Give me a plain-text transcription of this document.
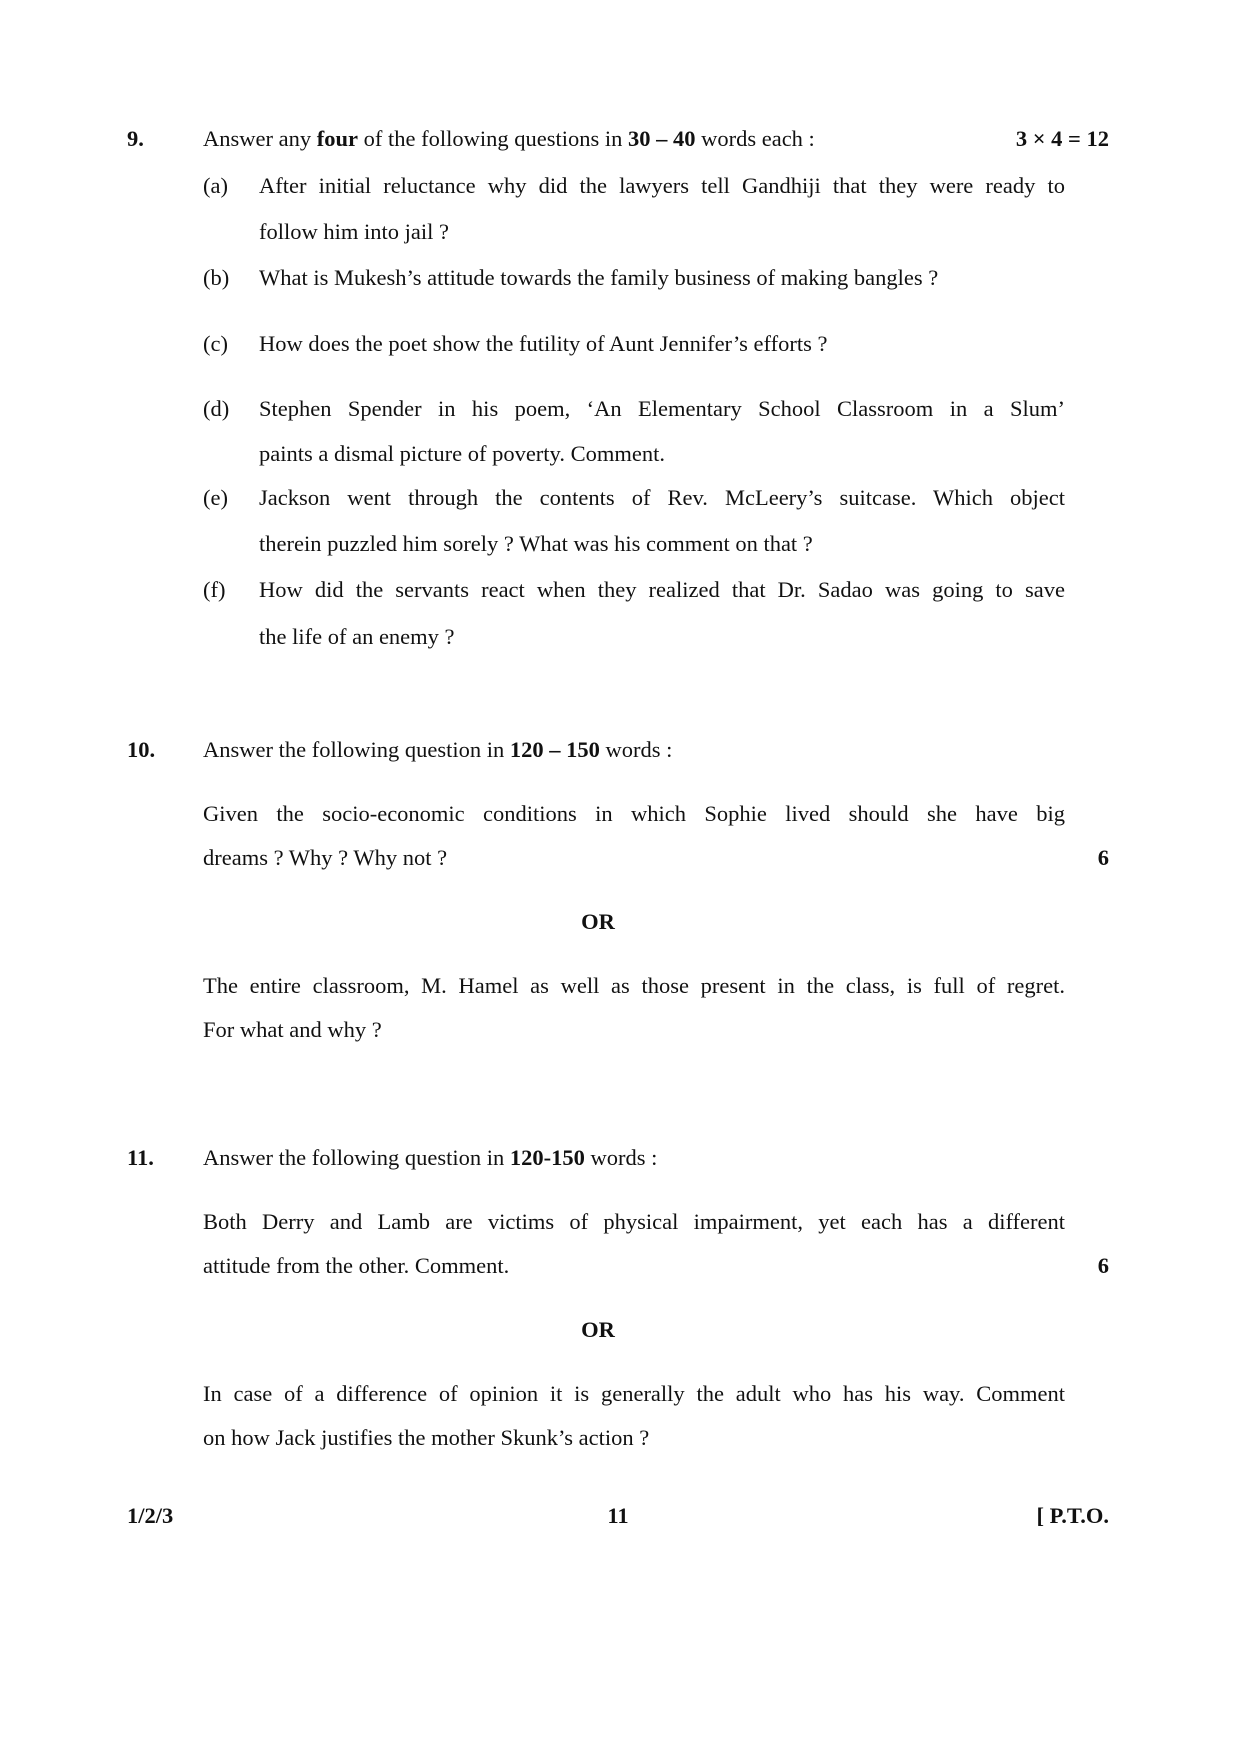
9.	Answer any four of the following questions in 30 – 40 words each :	3 × 4 = 12
(a) After initial reluctance why did the lawyers tell Gandhiji that they were ready to
follow him into jail ?
(b) What is Mukesh’s attitude towards the family business of making bangles ?
(c) How does the poet show the futility of Aunt Jennifer’s efforts ?
(d) Stephen Spender in his poem, ‘An Elementary School Classroom in a Slum’
paints a dismal picture of poverty. Comment.
(e) Jackson went through the contents of Rev. McLeery’s suitcase. Which object
therein puzzled him sorely ? What was his comment on that ?
(f) How did the servants react when they realized that Dr. Sadao was going to save
the life of an enemy ?
10. Answer the following question in 120 – 150 words :
Given the socio-economic conditions in which Sophie lived should she have big
dreams ? Why ? Why not ?	6
OR
The entire classroom, M. Hamel as well as those present in the class, is full of regret.
For what and why ?
11. Answer the following question in 120-150 words :
Both Derry and Lamb are victims of physical impairment, yet each has a different
attitude from the other. Comment.	6
OR
In case of a difference of opinion it is generally the adult who has his way. Comment
on how Jack justifies the mother Skunk’s action ?
1/2/3	11	[ P.T.O.
